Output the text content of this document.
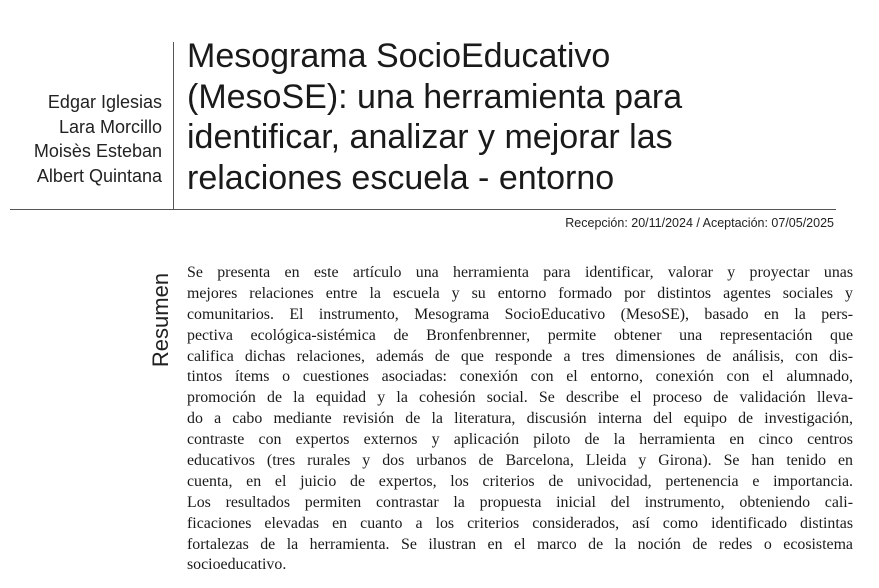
Edgar Iglesias
Lara Morcillo
Moisès Esteban
Albert Quintana
Mesograma SocioEducativo
(MesoSE): una herramienta para
identificar, analizar y mejorar las
relaciones escuela - entorno
Recepción: 20/11/2024 / Aceptación: 07/05/2025
Resumen
Se presenta en este artículo una herramienta para identificar, valorar y proyectar unas
mejores relaciones entre la escuela y su entorno formado por distintos agentes sociales y
comunitarios. El instrumento, Mesograma SocioEducativo (MesoSE), basado en la pers-
pectiva ecológica-sistémica de Bronfenbrenner, permite obtener una representación que
califica dichas relaciones, además de que responde a tres dimensiones de análisis, con dis-
tintos ítems o cuestiones asociadas: conexión con el entorno, conexión con el alumnado,
promoción de la equidad y la cohesión social. Se describe el proceso de validación lleva-
do a cabo mediante revisión de la literatura, discusión interna del equipo de investigación,
contraste con expertos externos y aplicación piloto de la herramienta en cinco centros
educativos (tres rurales y dos urbanos de Barcelona, Lleida y Girona). Se han tenido en
cuenta, en el juicio de expertos, los criterios de univocidad, pertenencia e importancia.
Los resultados permiten contrastar la propuesta inicial del instrumento, obteniendo cali-
ficaciones elevadas en cuanto a los criterios considerados, así como identificado distintas
fortalezas de la herramienta. Se ilustran en el marco de la noción de redes o ecosistema
socioeducativo.
